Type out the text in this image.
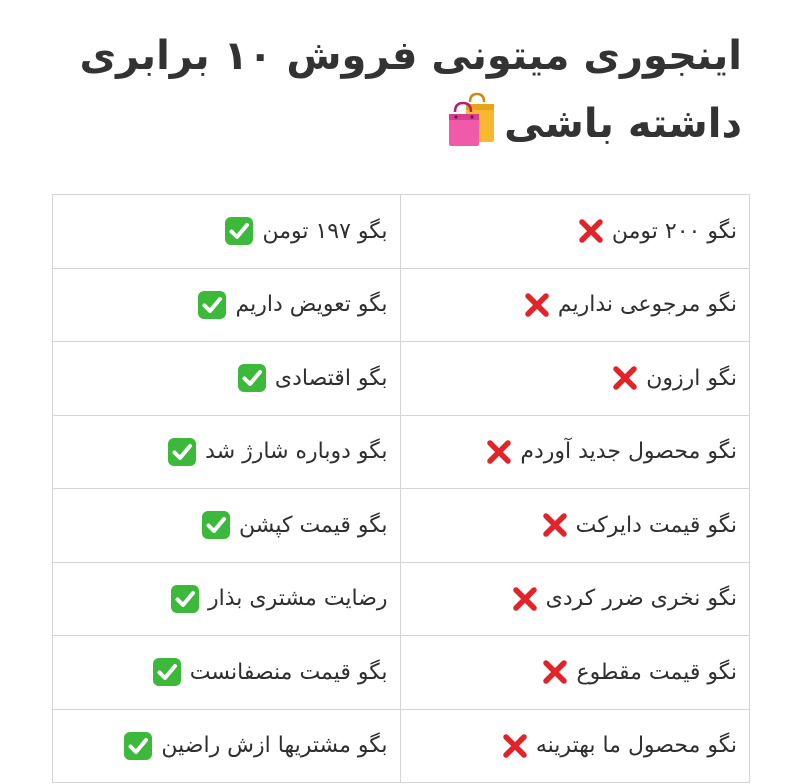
اینجوری میتونی فروش ۱۰ برابری
داشته باشی
نگو ۲۰۰ تومن	بگو ۱۹۷ تومن

نگو مرجوعی نداریم	بگو تعویض داریم

نگو ارزون	بگو اقتصادی

نگو محصول جدید آوردم	بگو دوباره شارژ شد

نگو قیمت دایرکت	بگو قیمت کپشن

نگو نخری ضرر کردی	رضایت مشتری بذار

نگو قیمت مقطوع	بگو قیمت منصفانست

نگو محصول ما بهترینه	بگو مشتریها ازش راضین
